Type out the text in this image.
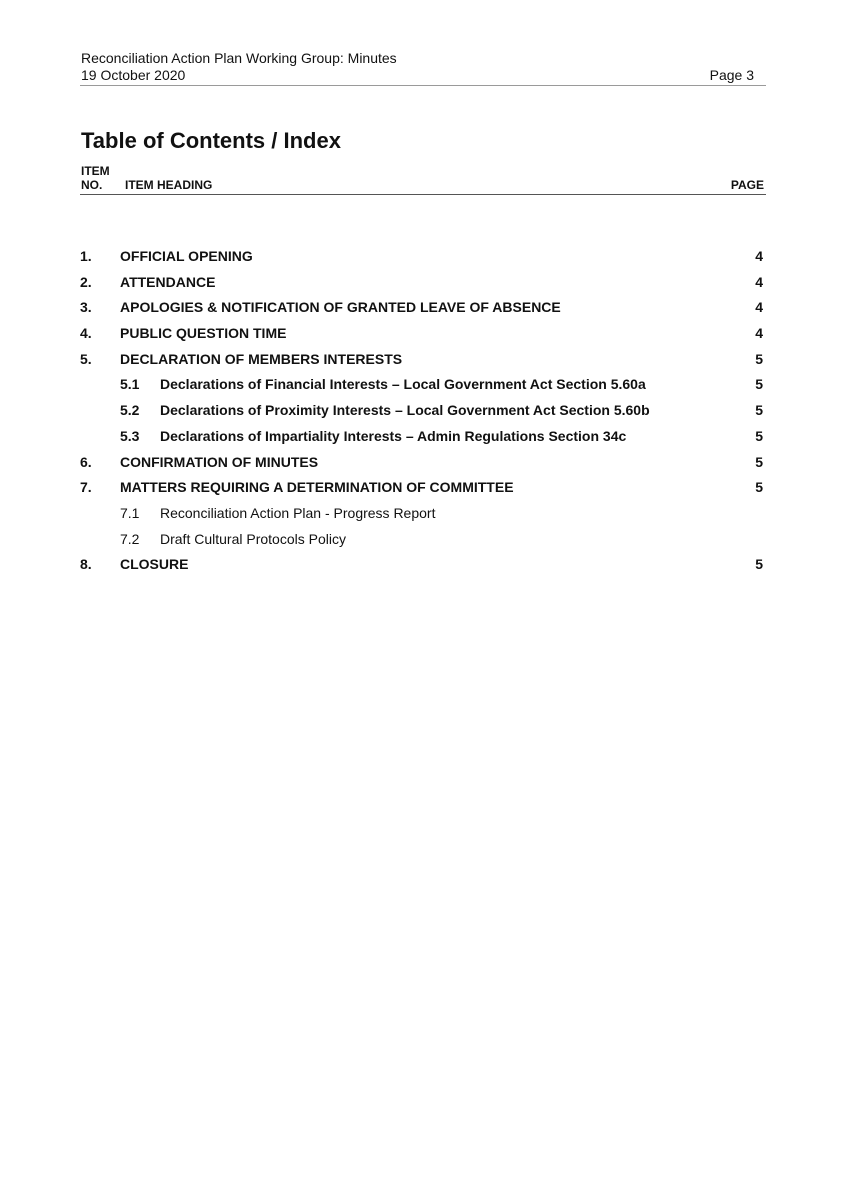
Reconciliation Action Plan Working Group: Minutes
19 October 2020	Page 3
Table of Contents / Index
ITEM
NO.	ITEM HEADING	PAGE
1. OFFICIAL OPENING	4
2. ATTENDANCE	4
3. APOLOGIES & NOTIFICATION OF GRANTED LEAVE OF ABSENCE	4
4. PUBLIC QUESTION TIME	4
5. DECLARATION OF MEMBERS INTERESTS	5
5.1 Declarations of Financial Interests – Local Government Act Section 5.60a	5
5.2 Declarations of Proximity Interests – Local Government Act Section 5.60b	5
5.3 Declarations of Impartiality Interests – Admin Regulations Section 34c	5
6. CONFIRMATION OF MINUTES	5
7. MATTERS REQUIRING A DETERMINATION OF COMMITTEE	5
7.1 Reconciliation Action Plan - Progress Report
7.2 Draft Cultural Protocols Policy
8. CLOSURE	5
